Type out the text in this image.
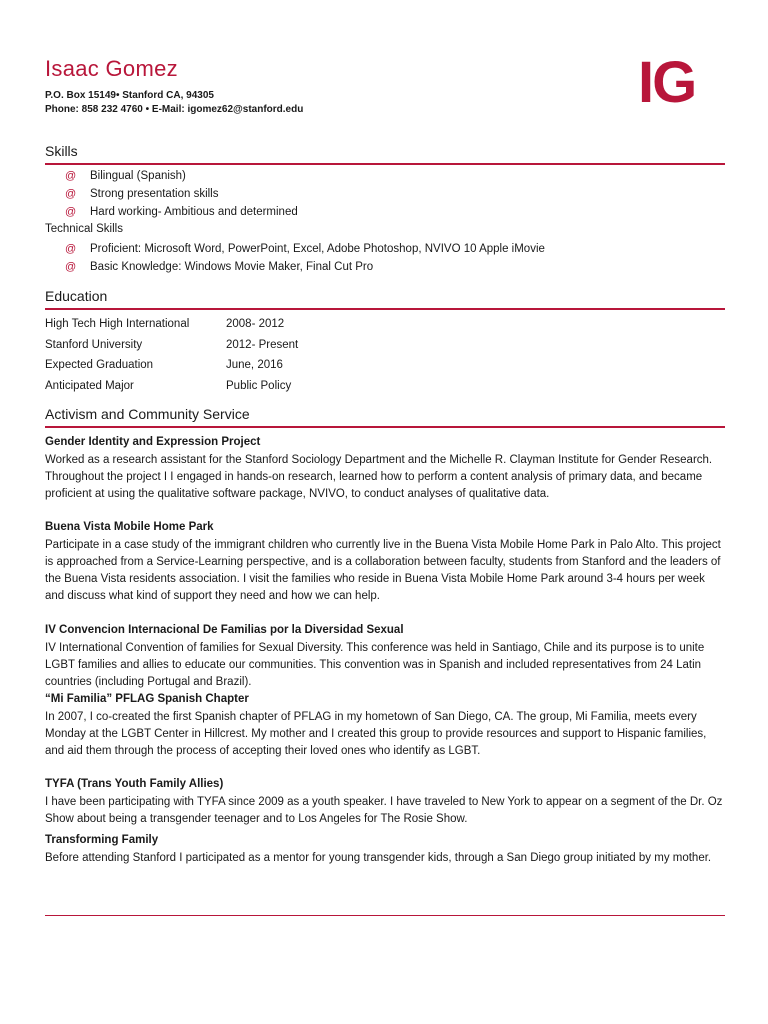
Isaac Gomez
P.O. Box 15149• Stanford CA, 94305
Phone: 858 232 4760 • E-Mail: igomez62@stanford.edu	IG
Skills
@ Bilingual (Spanish)
@ Strong presentation skills
@ Hard working- Ambitious and determined
Technical Skills
@ Proficient: Microsoft Word, PowerPoint, Excel, Adobe Photoshop, NVIVO 10 Apple iMovie
@ Basic Knowledge: Windows Movie Maker, Final Cut Pro
Education
High Tech High International	2008- 2012
Stanford University	2012- Present
Expected Graduation	June, 2016
Anticipated Major	Public Policy
Activism and Community Service
Gender Identity and Expression Project
Worked as a research assistant for the Stanford Sociology Department and the Michelle R. Clayman Institute for Gender Research. Throughout the project I I engaged in hands-on research, learned how to perform a content analysis of primary data, and became proficient at using the qualitative software package, NVIVO, to conduct analyses of qualitative data.
Buena Vista Mobile Home Park
Participate in a case study of the immigrant children who currently live in the Buena Vista Mobile Home Park in Palo Alto. This project is approached from a Service-Learning perspective, and is a collaboration between faculty, students from Stanford and the leaders of the Buena Vista residents association. I visit the families who reside in Buena Vista Mobile Home Park around 3-4 hours per week and discuss what kind of support they need and how we can help.
IV Convencion Internacional De Familias por la Diversidad Sexual
IV International Convention of families for Sexual Diversity. This conference was held in Santiago, Chile and its purpose is to unite LGBT families and allies to educate our communities. This convention was in Spanish and included representatives from 24 Latin countries (including Portugal and Brazil).
“Mi Familia” PFLAG Spanish Chapter
In 2007, I co-created the first Spanish chapter of PFLAG in my hometown of San Diego, CA. The group, Mi Familia, meets every Monday at the LGBT Center in Hillcrest. My mother and I created this group to provide resources and support to Hispanic families, and aid them through the process of accepting their loved ones who identify as LGBT.
TYFA (Trans Youth Family Allies)
I have been participating with TYFA since 2009 as a youth speaker. I have traveled to New York to appear on a segment of the Dr. Oz Show about being a transgender teenager and to Los Angeles for The Rosie Show.
Transforming Family
Before attending Stanford I participated as a mentor for young transgender kids, through a San Diego group initiated by my mother.
